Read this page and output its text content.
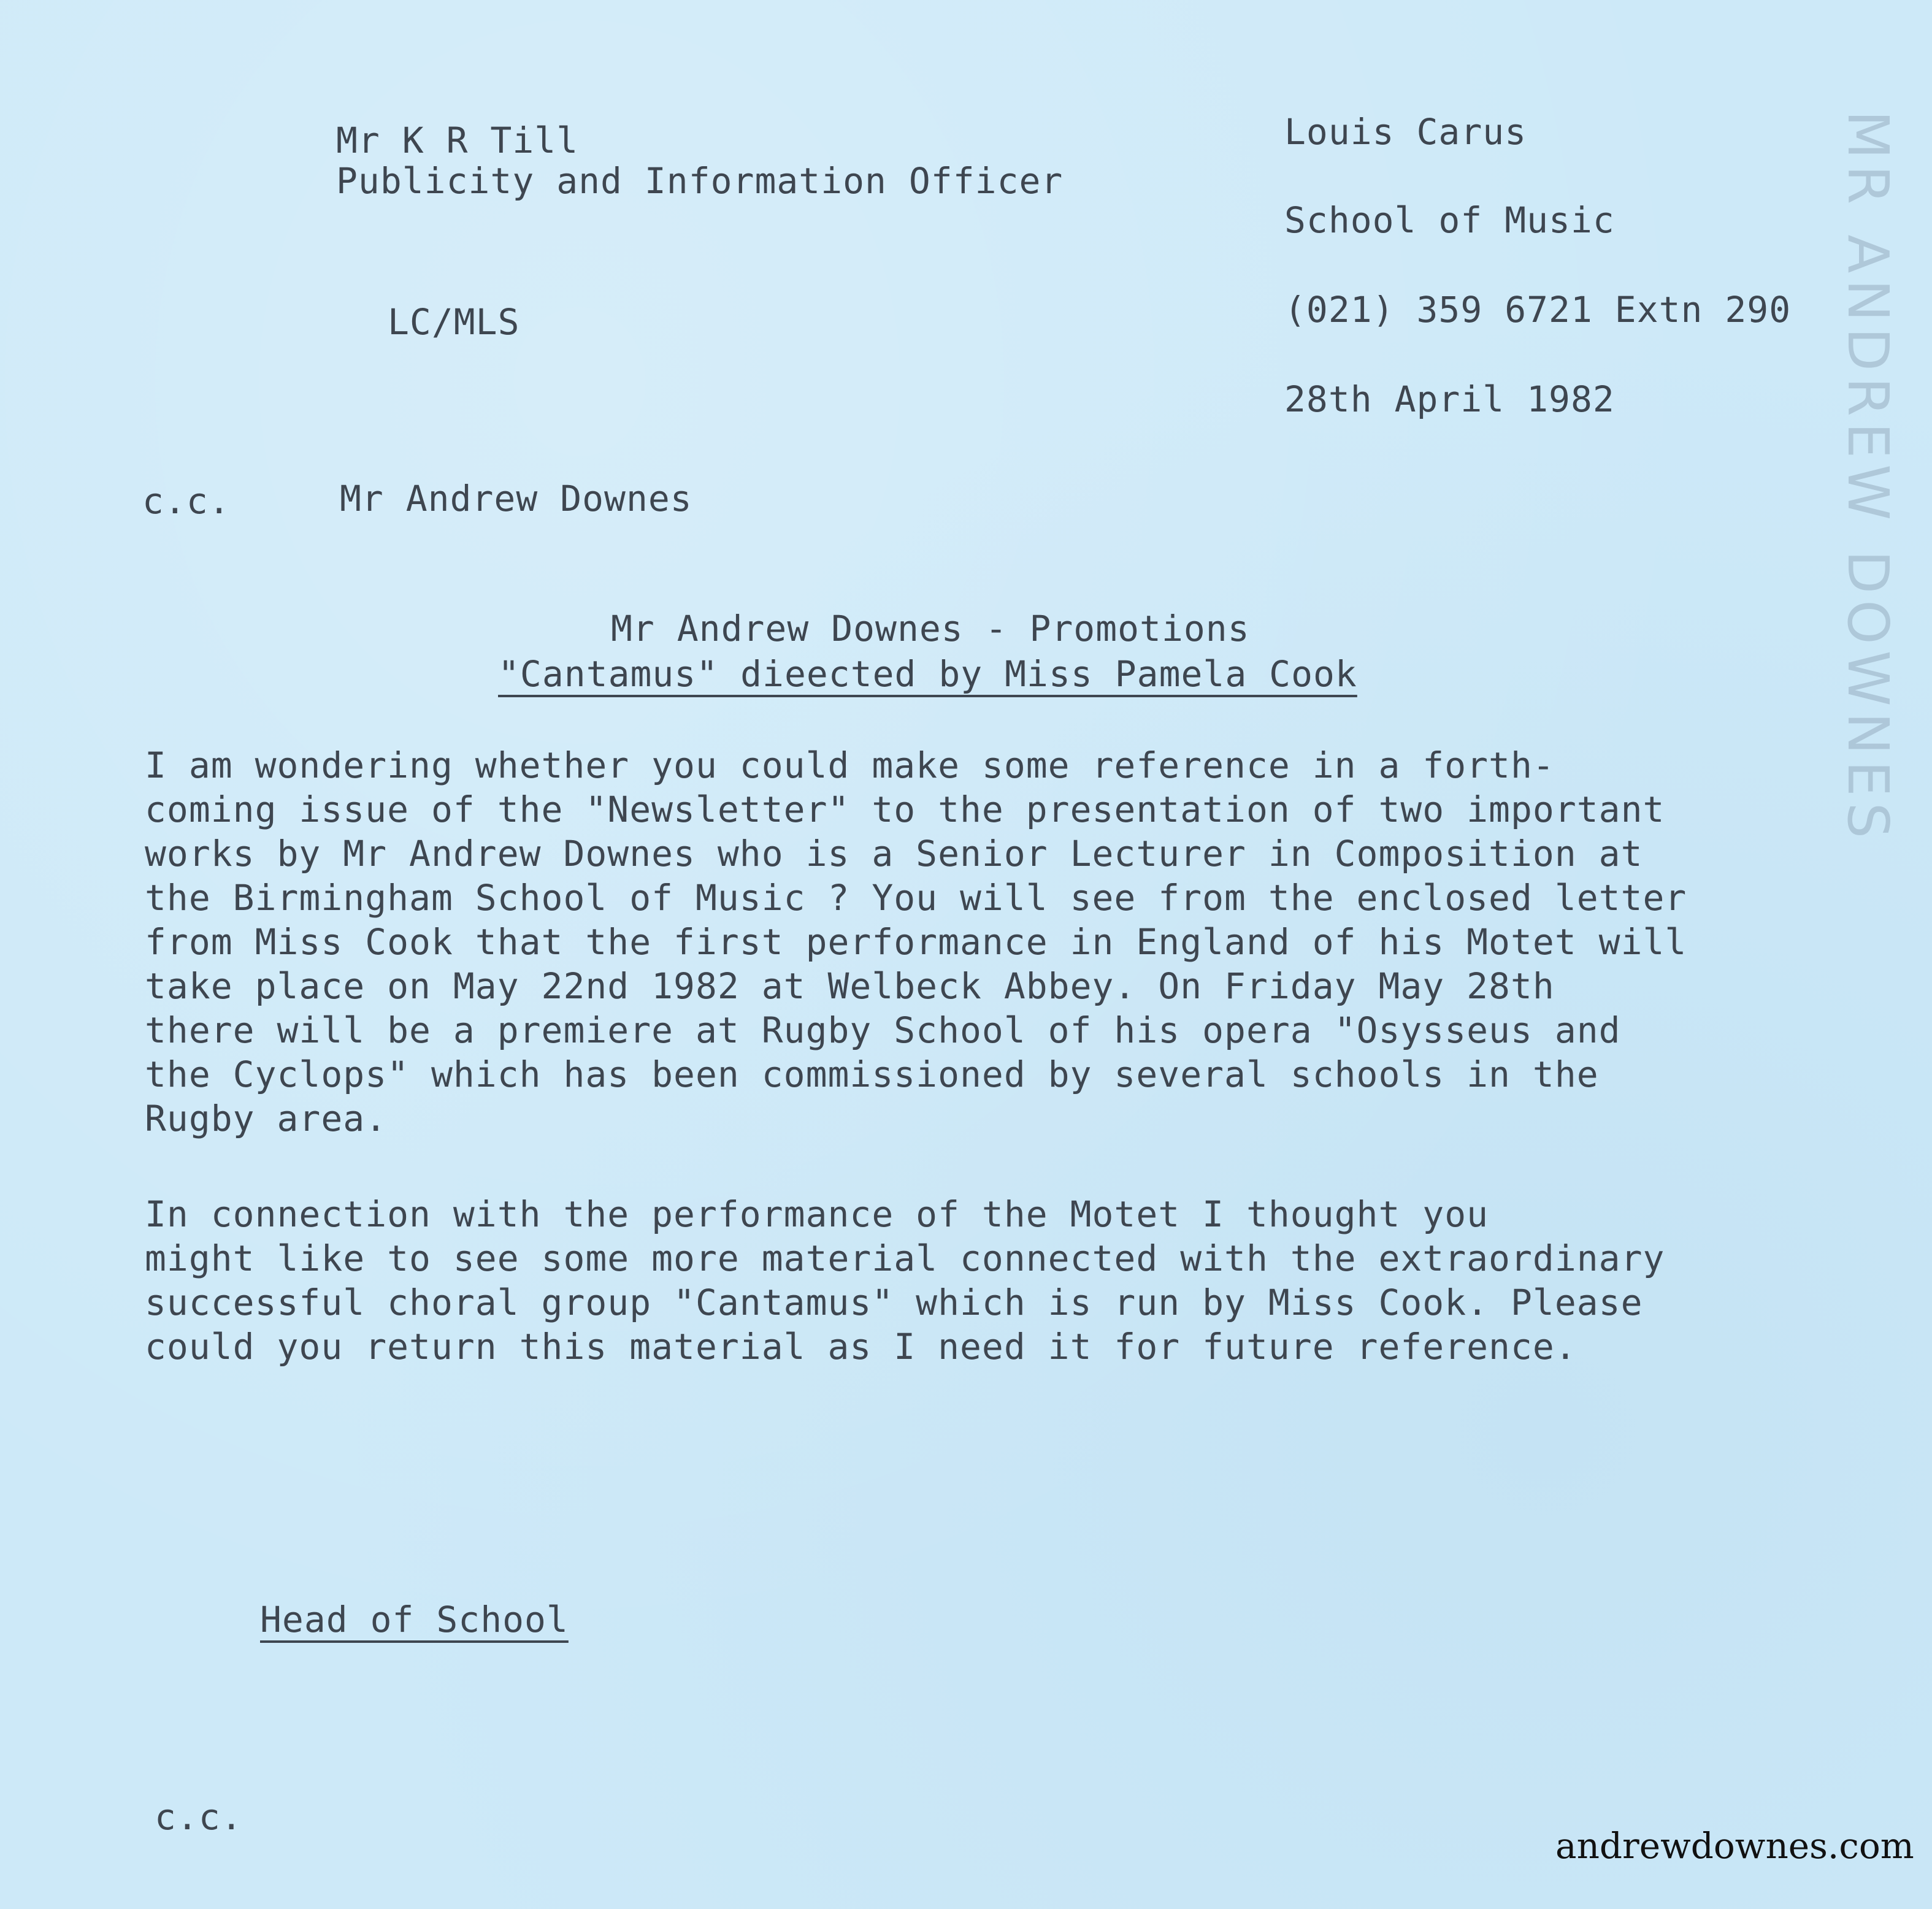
Mr K R Till
Publicity and Information Officer
LC/MLS
Louis Carus
School of Music
(021) 359 6721 Extn 290
28th April 1982
c.c.	Mr Andrew Downes
Mr Andrew Downes - Promotions
"Cantamus" dieected by Miss Pamela Cook

I am wondering whether you could make some reference in a forth-
coming issue of the "Newsletter" to the presentation of two important
works by Mr Andrew Downes who is a Senior Lecturer in Composition at
the Birmingham School of Music ? You will see from the enclosed letter
from Miss Cook that the first performance in England of his Motet will
take place on May 22nd 1982 at Welbeck Abbey. On Friday May 28th
there will be a premiere at Rugby School of his opera "Osysseus and
the Cyclops" which has been commissioned by several schools in the
Rugby area.

In connection with the performance of the Motet I thought you
might like to see some more material connected with the extraordinary
successful choral group "Cantamus" which is run by Miss Cook. Please
could you return this material as I need it for future reference.

Head of School
c.c.
MR ANDREW DOWNES
andrewdownes.com
